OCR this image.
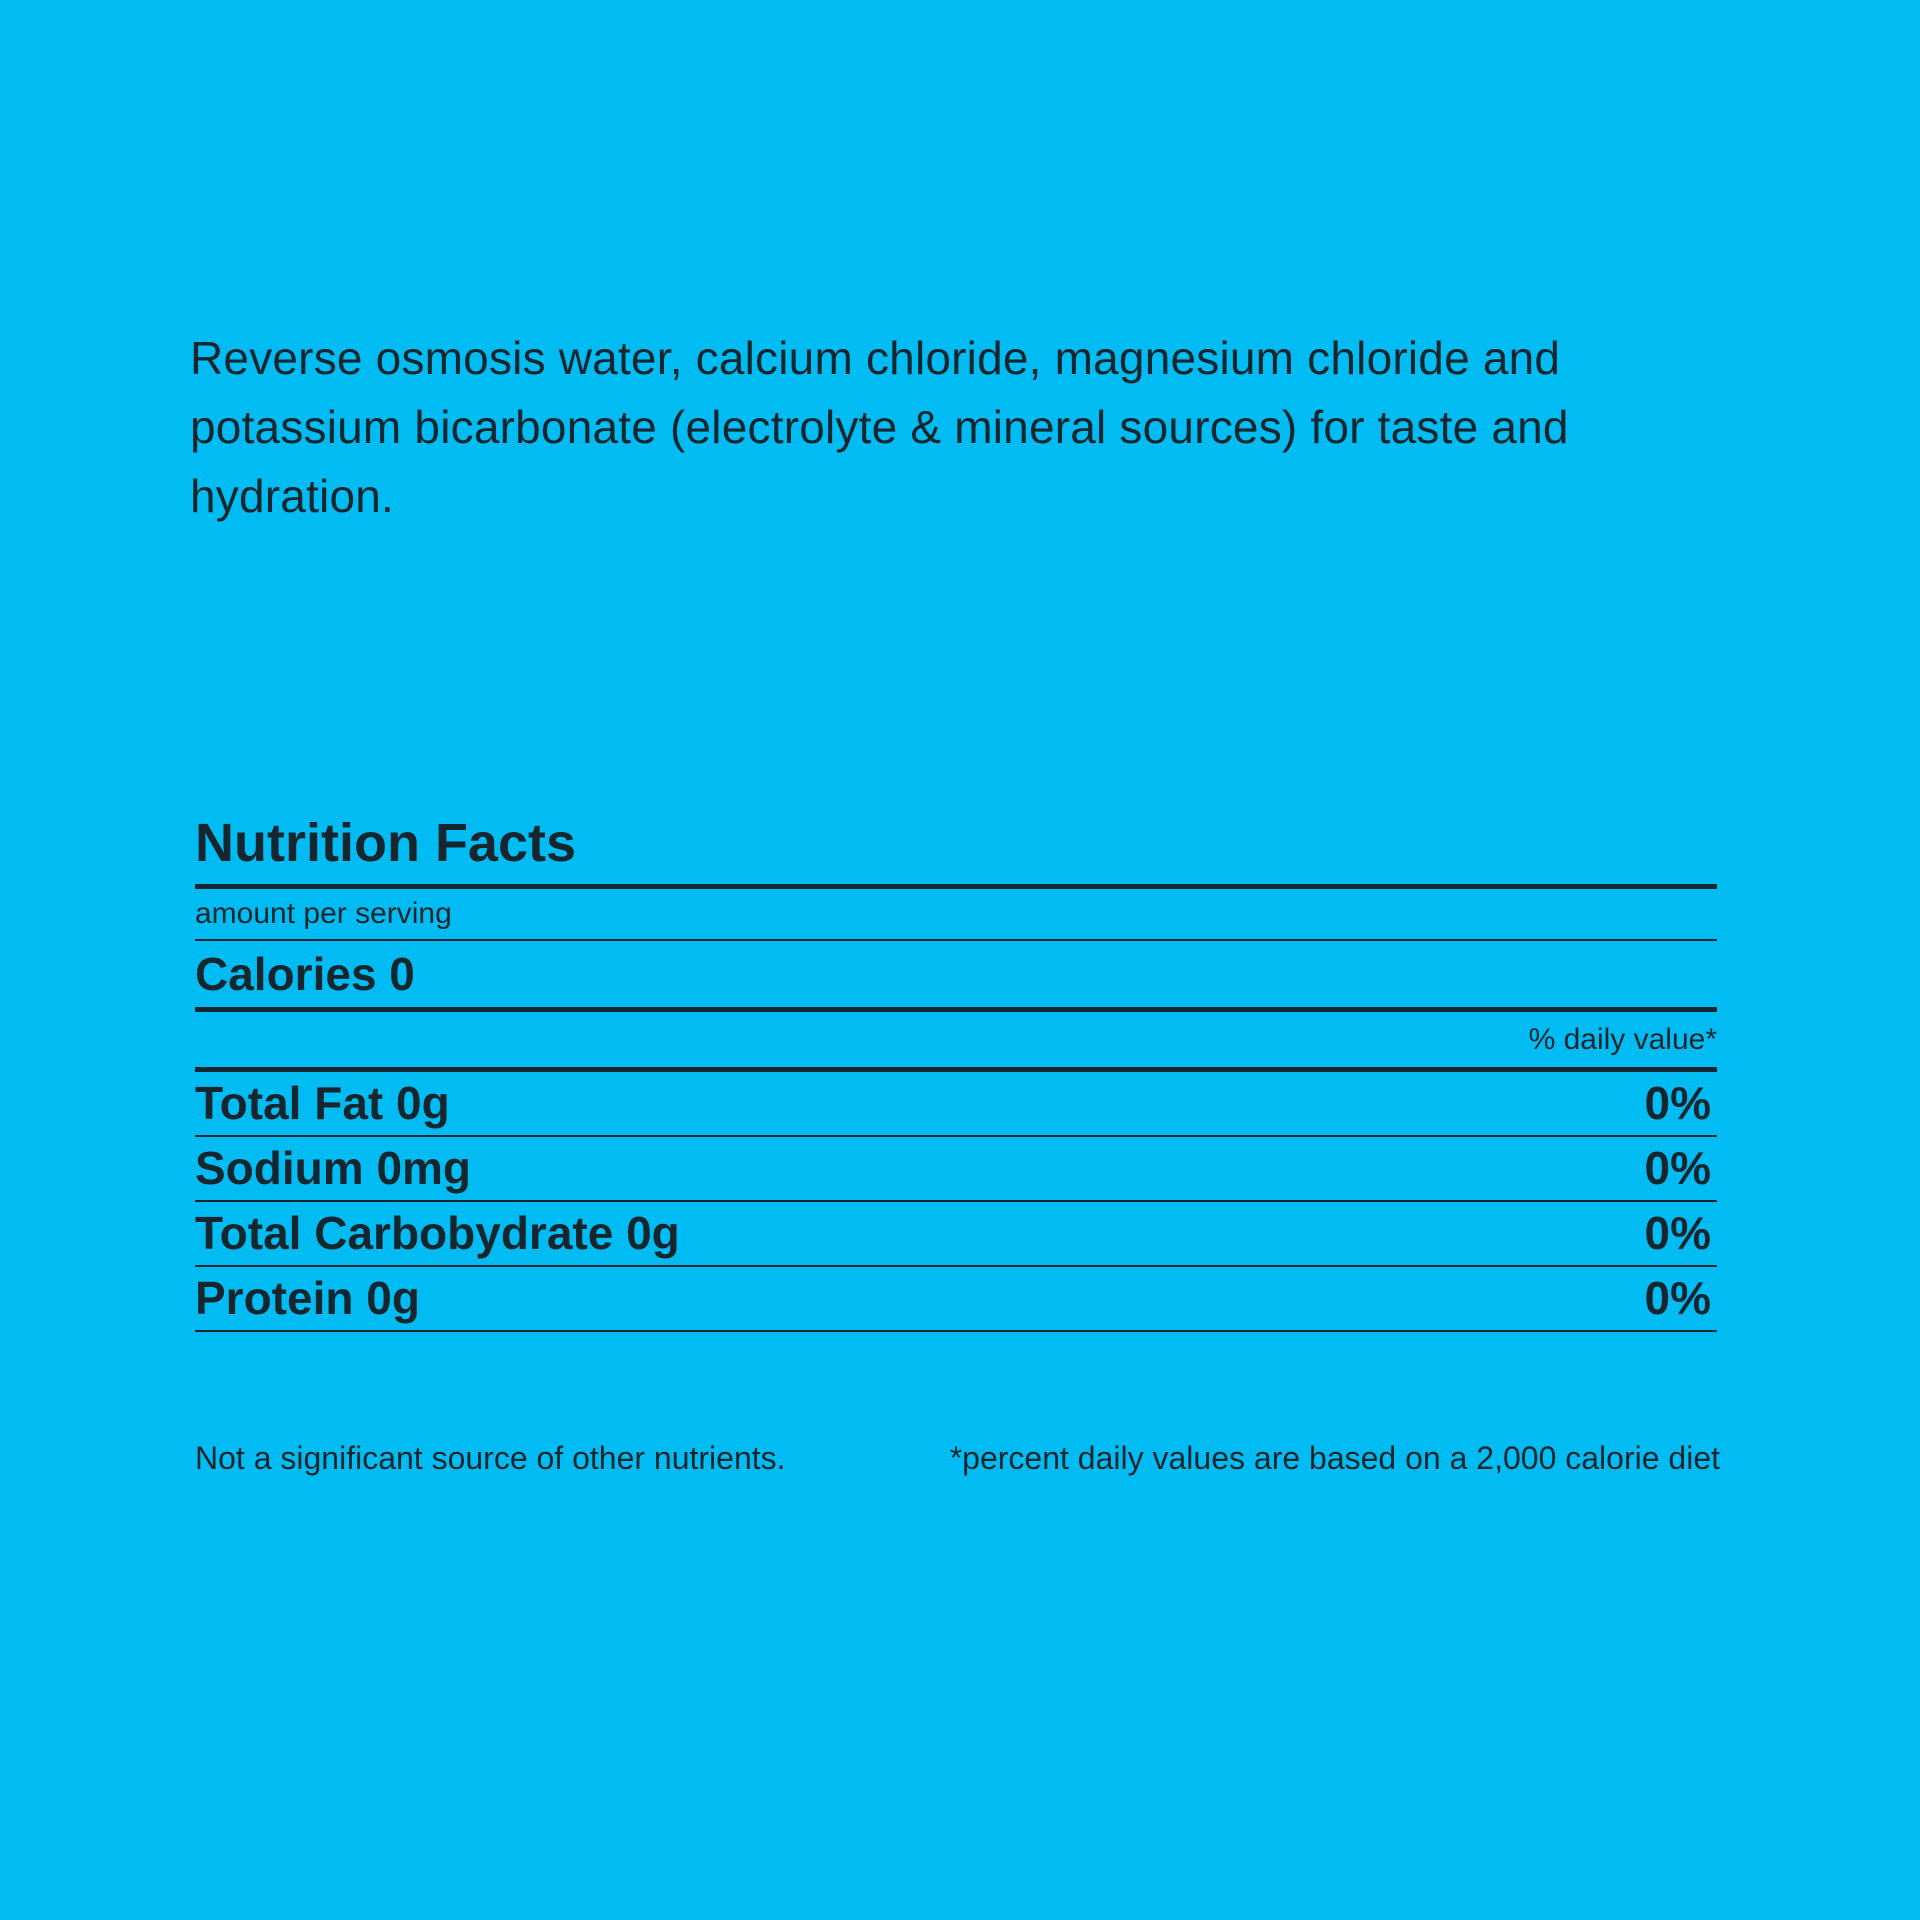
Reverse osmosis water, calcium chloride, magnesium chloride and potassium bicarbonate (electrolyte & mineral sources) for taste and hydration.

Nutrition Facts
amount per serving
Calories 0
% daily value*
Total Fat 0g	0%
Sodium 0mg	0%
Total Carbobydrate 0g	0%
Protein 0g	0%
Not a significant source of other nutrients.	*percent daily values are based on a 2,000 calorie diet
